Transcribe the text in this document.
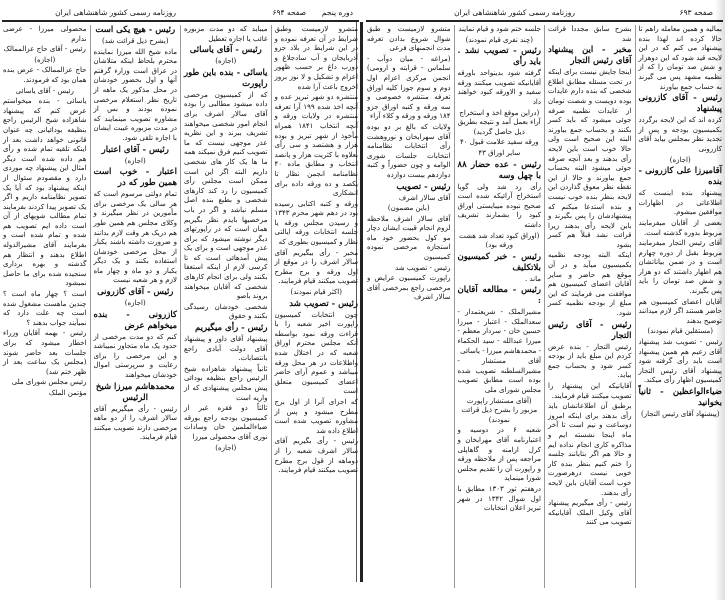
دوره پنجم
صفحه ۶۹۴
روزنامه رسمی کشور شاهنشاهی ایران

متشرو لازمیست وطبق شرایط در آن تعرفه نموده و در این شرایط در بلاد جزو آذربایجان و آب سادجلاغ و دورب داغ بر حسب ظهور اعزام و تشکیل و لا نوز بروز اخروج باعث آرا شده

منتشره دو شهر تبریز عده و آنچه اخذ شده ۱۹۹ آرا تعرفه منتشره در ولایات ورقه و آنچه انتخاب ۱۸۴۱ همراه مأخوذ از شهر تبریز و بوده هزار و هشتصد و سی رأی بعلاوه با کثریت هزار و پانصد انتخاب و مطابق ماده ۴۰ نظامنامه انجمن نظار تا یکصد و ده ورقه داده برای انشکاری

ورقه و کتبه اکتابی رسیده بود در دهم شهر محرم ۱۳۴۳ و رسیدن مجلس ورقه یا جلسه انتخابات ورقه ایالتی نظار و کمیسیون بطوری که

مخبر - رأی بیگیریم آقای سالار اشرف را در موقع از اول ورقه و برج مطرح تصویب میکنند قیام فرمایند.

(اکثر قیام نمودند)

رئیس - تصویب شد

چون انتخابات کمیسیون راپورت اخیر شعبه را با قراءت ورقه نمود بواسطه آنکه مجلس محترم اوراق شعبه که در اختلال شده واطلاعات در هر محل ورقه میباشد و عموم آرای حاضر اعضای کمیسیون متعلق است

که اجزای آنرا از اول برج مطرح میشود و پس از مشاوره تصویب شده است اطلاع داده شد

رئیس - رأی بگیریم آقای سالار اشرف شعبه را از دوماهه از قول برج مطرح تصویب میکنند قیام فرمایند.

میباید که دو مدت مزبوره غائب یا اجازه تعطیل

رئیس - آقای یاسائی

(اجازه)

یاسائی - بنده باین طور راپورت

که از کمیسیون مرخصی داده میشود مطالبی را بوده آقای سالار اشرف برای انجام امور شخصی میخواهند تشریف ببرند و این نظریه عذر موجهی نیست که ما تصویب کنیم فرق نمیکند همه ما ها یک کار های شخصی داریم البته اگر این است ممکن است مجلس رأی کمیسیون را رد کند کارهای شخصی و بطبع بنده اصل مسلم نباشد و اگر در باب مرخصیها بایدم نظر بگیریم همان است که در راپورتهای دیگر نوشته میشود که برای عذر موجهی است و برای یک پیش آمدهائی است که تا کرسی لازم از اینکه استعفا بکنند ولی برای انجام کارهای شخصی که آقایان میخواهند بروند باصو

شخصی خودشان رسیدگی بکنند و حقوق

رئیس - رأی میگیریم

پیشنهاد آقای داور و پیشنهاد آقای دولت آبادی راجع بانتصابات.

ثانیاً پیشنهاد شاهزاده شیخ الرئیس راجع بنظیفه بودائی پیش مجلس پیشنهادی که از واریه است

ثالثاً دو فقره غیر از کمیسیون بودجه راجع بورقه ضیاءالملمین خان وسادات نوری آقای محصولی میرزا

(اجازه)

رئیس - هیچ یکی است

(بشرح ذیل قرائت شد)

ماده شیخ الله میرزا نماینده محترم بلحاظ اینکه متلاشان در عراق است وزارء گرفتم آنها و اول بحضور خودشان در محل مذکور یک ماهه از تاریخ نظر استعلام مرخصی نموده بودند و بس از مشاوره تصویب مینمایند که در مدت مزبوره غیبت ایشان با اجازه تلقی شود.

رئیس - آقای اعتبار

(اجازه)

اعتبار - خوب است همین طور که در

تمام دولتی مرسوم است که هر سالی یک مرخصی برای مأمورین در نظر میگیرند و وکلای مجلس هم همین طور هم دریک هر وقت لازم بدانند و ضرورت داشته باشند یکبار از محل مرخصی خودشان استفاده بکنند و یک دیگر یکبار و دو ماه و چهار ماه لازم و هر شعبه نیست

رئیس - آقای کازرونی

(اجازه)

کازرونی - بنده میخواهم عرض

کنم که دو مدت مرخصی از حدود یک ماه متجاوز نمیباشد و این مرخصی را برای رعایت و سرپرستی اموال خودشان میخواهند

محمدهاشم میرزا شیخ الرئیس

رئیس - رأی میگیریم آقای سالار اشرف را از دو ماهه مرخصی دارند تصویب میکنند قیام فرمایند.

محصولی میرزا - عرضی ندارم

رئیس - آقای حاج عزالممالک

(اجازه)

حاج عزالممالک - عرض بنده همان بود که فرمودند.

رئیس - آقای یاسائی

یاسائی - بنده میخواستم عرض کنم که پیشنهاد شاهزاده شیخ الرئیس راجع بنظیفه بودائیانی چه عنوان قانونی خواهد داشت بعد از اینکه تلقیه تمام شده و رأی هم داده شده است دیگر امثال این پیشنهاد چه موردی دارد و مقصودم سئوال از اینکه پیشنهاد بود که آیا یک تصویر نظامنامه داریم و اگر یک تصویر پیدا کردند بفرمایند تمام مطالب شویهای از آن است داده ایم تصویب هم شده و تمام شده است و بفرمایند آقای مشیرالدوله اطلاع بدهند و انتظار هم گذشته و بهره برداری سنجیده شده برای ما حاصل نمیشود

است ؟ چهار ماه است ؟ چندین ماهست مشغول شده است چه علت دارد که نمیآیند جواب بدهند ؟

رئیس - بهمه آقایان وزراء اخطار میشود که برای جلسات بعد حاضر شوند (مجلس یک ساعت بعد از ظهر ختم شد)

رئیس مجلس شورای ملی

مؤتمن الملک

صفحه ۶۹۳
روزنامه رسمی کشور شاهنشاهی ایران

بمالیه و همین معامله راهم تا حالا کرده اند لهذا بنده پیشنهاد می کنم که در این لایحه قید شود که این دوهزار و شش صد تومان را که از نظمیه مشهد پس می گیرند به حساب جمع بیاورند

رئیس - آقای کازرونی پیشنهاد

کرده اند که این لایحه برگردد بکمیسیون بودجه و پس از تجدید نظر بمجلس بیاید آقای کازرونی

(اجازه)

آقامیرزا علی کازرونی - بنده

پیشنهاد بنده اینست که اطلاعاتی در اظهارات موافقین میشوم.

بعضی از آقایان میفرمایند مربوط بدوره گذشته است.

آقای رئیس التجار میفرمایند مربوط بقبل از دوره چهارم است و در ضمن بیاناتشان هم اظهار داشتند که دو هزار و شش صد تومان را باید پس بگیرند.

آقایان اعضای کمیسیون هم حاضر هستند اگر لازم میدانند توضیح بدهند

(مستقلین قیام نمودند)

رئیس - تصویب شد پیشنهاد آقای زعیم هم همین پیشنهاد است باید رأی گرفته شود پیشنهاد آقای رئیس التجار کمیسیون اظهار رأی میکند.

ضیاءالواعظین - ثانیاً بخوانید

(پیشنهاد آقای رئیس التجار)

بشرح سابق مجدداً قرائت شد

مخبر - این پیشنهاد آقای رئیس التجار

اینجا جایش نیست برای اینکه در تحت مسئله مطابق اطلاع شخصی که بنده دارم عایدات بوده دویست و شصت تومان از عایدات نظمیه صرفه جوئی میشود که باید کسر بکنند و بحساب جمع بیاورند البته این صحیح است ولی حالا خوب است باین لایحه رأی بدهند و بعد آنچه صرفه جوئی میشود البته بحساب جمع بیاورند و حالا از این نقطه نظر معوق گذاردن این لایحه بنظر بنده خوب نیست و بنده استدعا میکنم که پیشنهادشان را پس بگیرند و باین لایحه رأی بدهند زیرا قرائت نشد قبلاً هم کسر بشود

اینکه البته بودجه نظمیه بکمیسیون میآید و در آن موقع هم حاضر و سایر آقایان اعضای کمیسیون هم موافقت می فرمایند که این مبلغ از بودجه نظمیه کسر شود.

رئیس - آقای رئیس التجار

رئیس التجار - بنده عرض کردم این مبلغ باید از بودجه کسر شود و بحساب جمع بیاید.

آقایانیکه این پیشنهاد را تصویب میکنند قیام فرمایند.

برطبق آن اطلاعاتشان باید رأی بدهند برای اینکه امروز دوساعت و نیم است تا آخر ماه اینجا نشسته ایم و مذاکره کاری انجام نداده ایم و حالا هم اگر بتابانند جلسه را ختم کنیم بنظر بنده کار خوبی نیست درهرصورت خوب است آقایان باین لایحه رأی بدهند.

رئیس - رأی میگیریم پیشنهاد آقای وکیل الملک آقایانیکه تصویب می کنند

جلسه ختم شود و قیام نمایند

(چند نفری قیام نمودند)

رئیس - تصویب نشد . باید رأی

گرفته شود بدینواحد باورقه آقایانیکه تصویب میکنند ورقه سفید و الاورقه کبود خواهند داد

(دراین موقع اخذ و استخراج آراء بعمل آمد و نتیجه بطریق ذیل حاصل گردید)

ورقه سفید علامت قبول ۴۰

سایر اوراق ۴۳

رئیس - عده حضار ۸۸ با چهل وسه

رأی رد شد ولی گویا استخراج آرائیکه شده است صحیح نبوده میبایستی اوراق کبود را بشمارند تشریف داشته

(اوراق کبود تعداد شد هشت ورقه بود)

رئیس - خبر کمیسیون بلاتکلیف

ماند .

رئیس - مطالعه آقایان :

مشیرالملک - شریعتمدار - سعدالملک - اعتبار - میرزا حسین خان - سردار معظم - میرزا عبدالله - سید الحکماء - محمدهاشم میرزا - یاسائی

آقای مستشار - مشیرالسلطنه تصویب شده بوده است مطابق تصویب مجلس شورای ملی

(آقای مستشار راپورت مزبور را بشرح ذیل قرائت نمودند)

شعبه ۶ در دوسیه و اعتبارنامه آقای مهرابخان و کرل ارامنه و گاهاپلی مراجعه پس از ملاحظه ورقه و راپورت آن را تقدیم مجلس شورا مینماید

درهفتم ثور ۱۳۰۳ مطابق با اول شوال ۱۳۴۲ در شهر تبریز اعلان انتخابات

متشرو لازمیست و طبق شوال شروع بدادن تعرفه مدت انجمنهای فرعی

(مراغه - میان دوآب - سلماس - قرابته و ارومی) انجمن مرکزی اعزام اول دوم و سوم جوزا کلیه اوراق تعرفه منتشره خصوصی و سه ورقه و کتبه اوراق جزو ۱۸۴ ورقه و ورقه و کلاء آراء

ولایات که بالغ بر دو بوده آقای سهرابخان و نوروهشت رأی انتخابات نظامنامه انتخابات جلسات شوری الوامه و چون حضوراً و کتبه دوازدهم بیست دوازده

رئیس - تصویب

آقای سالار اشرف

(باین مضمون)

آقای سالار اشرف ملاحظه لزوم انجام قبیت ایشان دچار مو کول بحضور خود ماه استجازه مرخصی نموده کمیسیون

رئیس - تصویب شد

راپورت کمیسیون عرایض و مرخصی راجع بمرخصی آقای سالار اشرف
